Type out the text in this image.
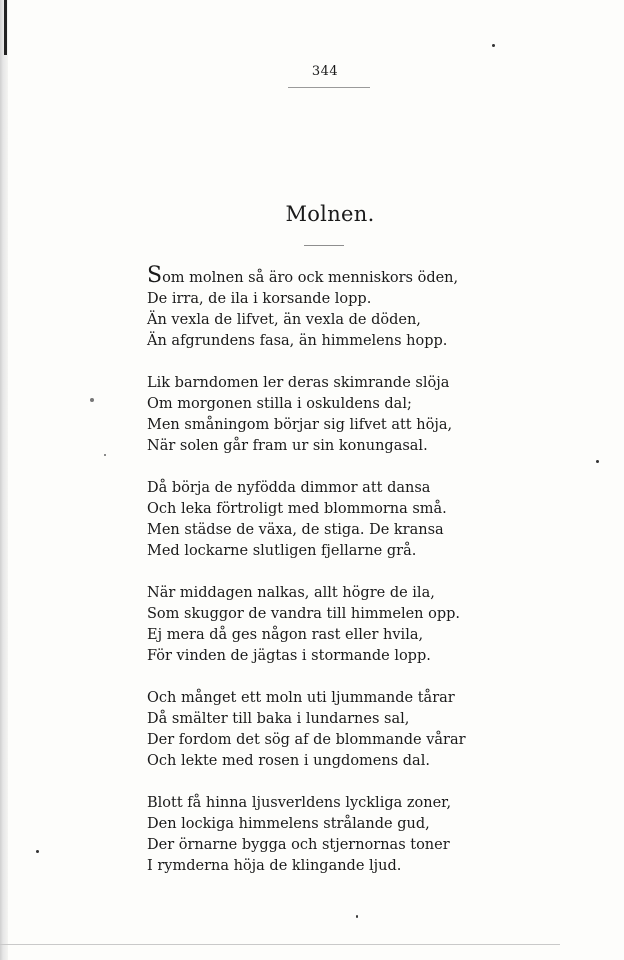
344
Molnen.
Som molnen så äro ock menniskors öden,
De irra, de ila i korsande lopp.
Än vexla de lifvet, än vexla de döden,
Än afgrundens fasa, än himmelens hopp.
Lik barndomen ler deras skimrande slöja
Om morgonen stilla i oskuldens dal;
Men småningom börjar sig lifvet att höja,
När solen går fram ur sin konungasal.
Då börja de nyfödda dimmor att dansa
Och leka förtroligt med blommorna små.
Men städse de växa, de stiga. De kransa
Med lockarne slutligen fjellarne grå.
När middagen nalkas, allt högre de ila,
Som skuggor de vandra till himmelen opp.
Ej mera då ges någon rast eller hvila,
För vinden de jägtas i stormande lopp.
Och månget ett moln uti ljummande tårar
Då smälter till baka i lundarnes sal,
Der fordom det sög af de blommande vårar
Och lekte med rosen i ungdomens dal.
Blott få hinna ljusverldens lyckliga zoner,
Den lockiga himmelens strålande gud,
Der örnarne bygga och stjernornas toner
I rymderna höja de klingande ljud.
